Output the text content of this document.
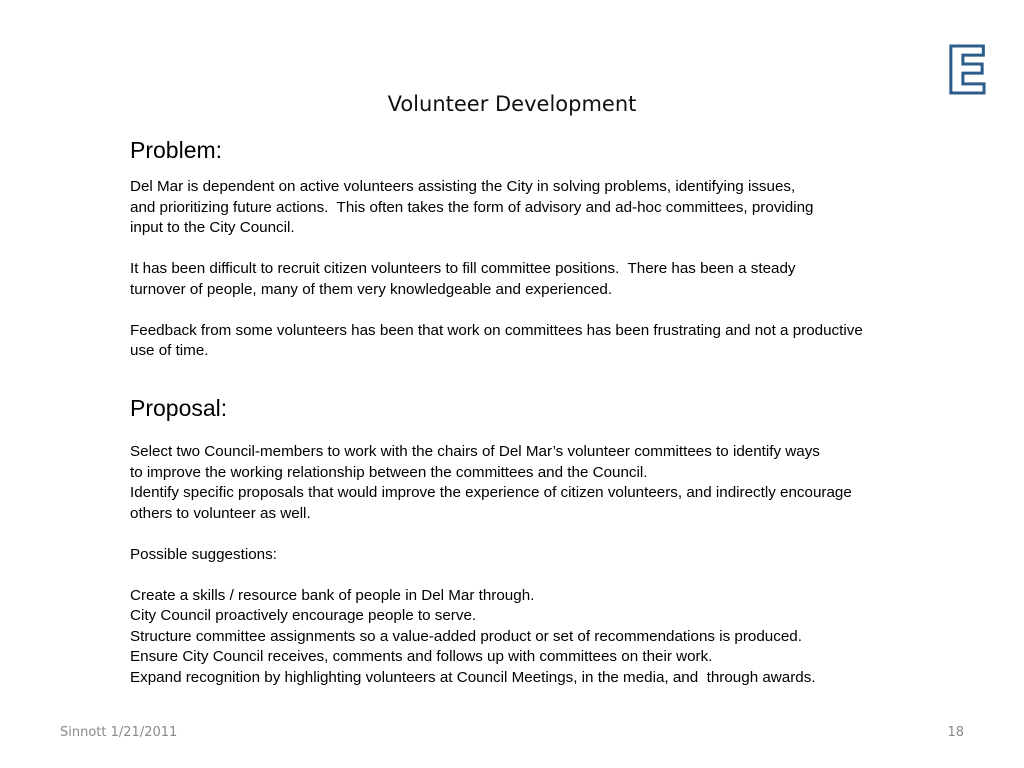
E
Volunteer Development
Problem:
Del Mar is dependent on active volunteers assisting the City in solving problems, identifying issues,
and prioritizing future actions.  This often takes the form of advisory and ad-hoc committees, providing
input to the City Council.

It has been difficult to recruit citizen volunteers to fill committee positions.  There has been a steady
turnover of people, many of them very knowledgeable and experienced.

Feedback from some volunteers has been that work on committees has been frustrating and not a productive
use of time.
Proposal:
Select two Council-members to work with the chairs of Del Mar’s volunteer committees to identify ways
to improve the working relationship between the committees and the Council.
Identify specific proposals that would improve the experience of citizen volunteers, and indirectly encourage
others to volunteer as well.

Possible suggestions:

Create a skills / resource bank of people in Del Mar through.
City Council proactively encourage people to serve.
Structure committee assignments so a value-added product or set of recommendations is produced.
Ensure City Council receives, comments and follows up with committees on their work.
Expand recognition by highlighting volunteers at Council Meetings, in the media, and  through awards.
Sinnott 1/21/2011	18
